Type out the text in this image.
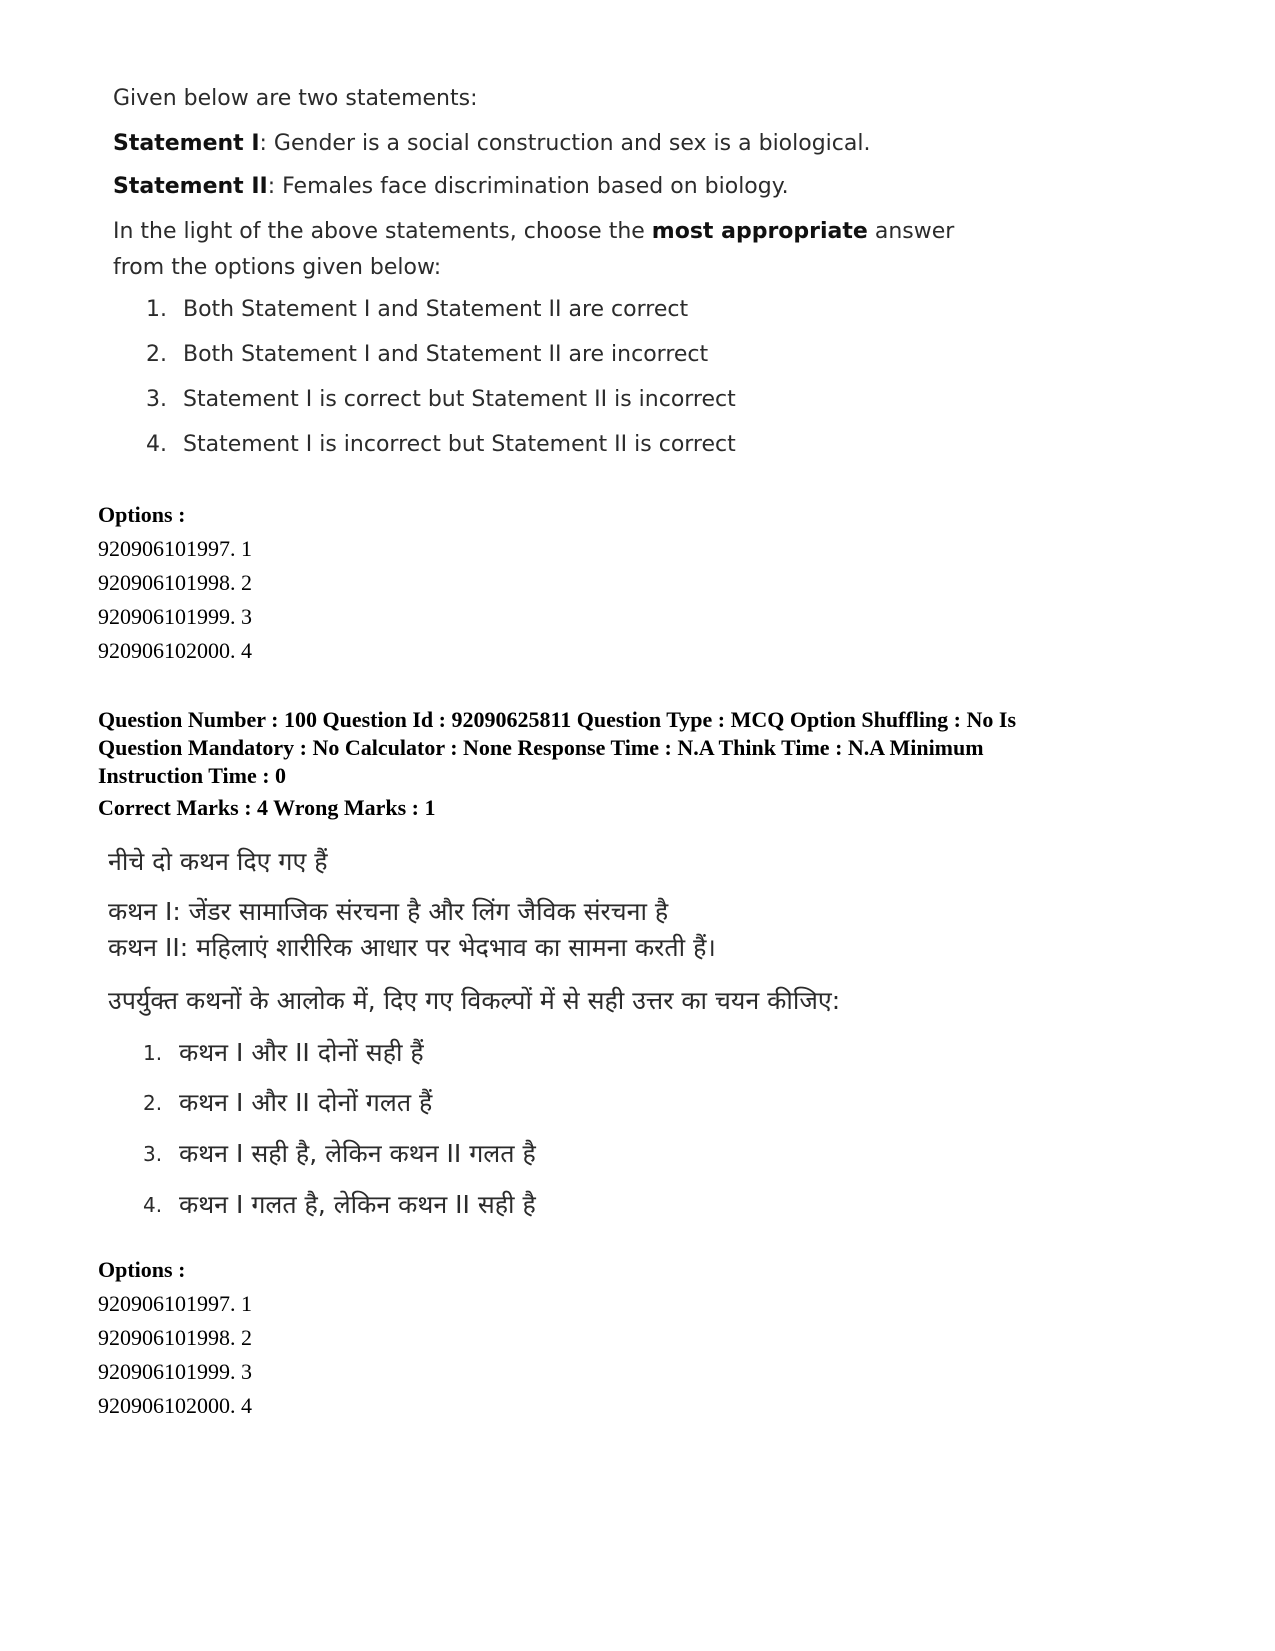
Given below are two statements:
Statement I: Gender is a social construction and sex is a biological.
Statement II: Females face discrimination based on biology.
In the light of the above statements, choose the most appropriate answer
from the options given below:
1. Both Statement I and Statement II are correct
2. Both Statement I and Statement II are incorrect
3. Statement I is correct but Statement II is incorrect
4. Statement I is incorrect but Statement II is correct
Options :
920906101997. 1
920906101998. 2
920906101999. 3
920906102000. 4
Question Number : 100 Question Id : 92090625811 Question Type : MCQ Option Shuffling : No Is
Question Mandatory : No Calculator : None Response Time : N.A Think Time : N.A Minimum
Instruction Time : 0
Correct Marks : 4 Wrong Marks : 1
नीचे दो कथन दिए गए हैं
कथन I: जेंडर सामाजिक संरचना है और लिंग जैविक संरचना है
कथन II: महिलाएं शारीरिक आधार पर भेदभाव का सामना करती हैं।
उपर्युक्त कथनों के आलोक में, दिए गए विकल्पों में से सही उत्तर का चयन कीजिए:
1. कथन I और II दोनों सही हैं
2. कथन I और II दोनों गलत हैं
3. कथन I सही है, लेकिन कथन II गलत है
4. कथन I गलत है, लेकिन कथन II सही है
Options :
920906101997. 1
920906101998. 2
920906101999. 3
920906102000. 4
